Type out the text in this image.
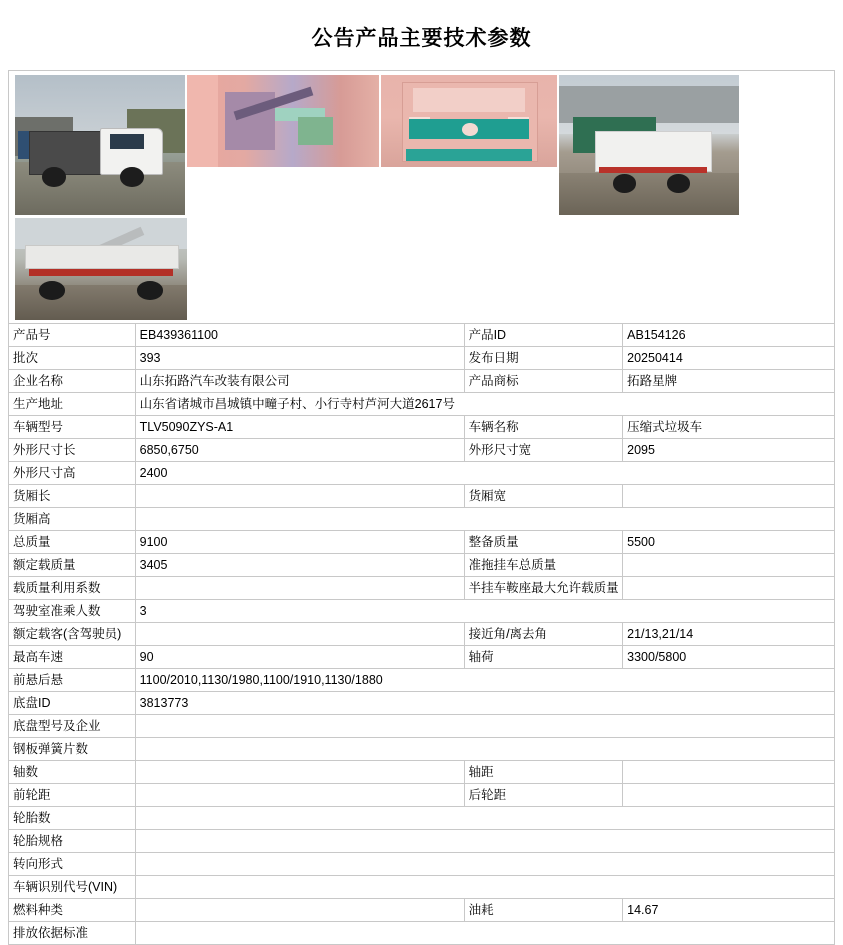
公告产品主要技术参数
产品号	EB439361100	产品ID	AB154126
批次	393	发布日期	20250414
企业名称	山东拓路汽车改装有限公司	产品商标	拓路星牌
生产地址	山东省诸城市昌城镇中疃子村、小行寺村芦河大道2617号		
车辆型号	TLV5090ZYS-A1	车辆名称	压缩式垃圾车
外形尺寸长	6850,6750	外形尺寸宽	2095
外形尺寸高	2400		
货厢长		货厢宽	
货厢高			
总质量	9100	整备质量	5500
额定载质量	3405	准拖挂车总质量	
载质量利用系数		半挂车鞍座最大允许载质量	
驾驶室准乘人数	3		
额定载客(含驾驶员)		接近角/离去角	21/13,21/14
最高车速	90	轴荷	3300/5800
前悬后悬	1100/2010,1130/1980,1100/1910,1130/1880		
底盘ID	3813773		
底盘型号及企业			
钢板弹簧片数			
轴数		轴距	
前轮距		后轮距	
轮胎数			
轮胎规格			
转向形式			
车辆识别代号(VIN)			
燃料种类		油耗	14.67
排放依据标准			
